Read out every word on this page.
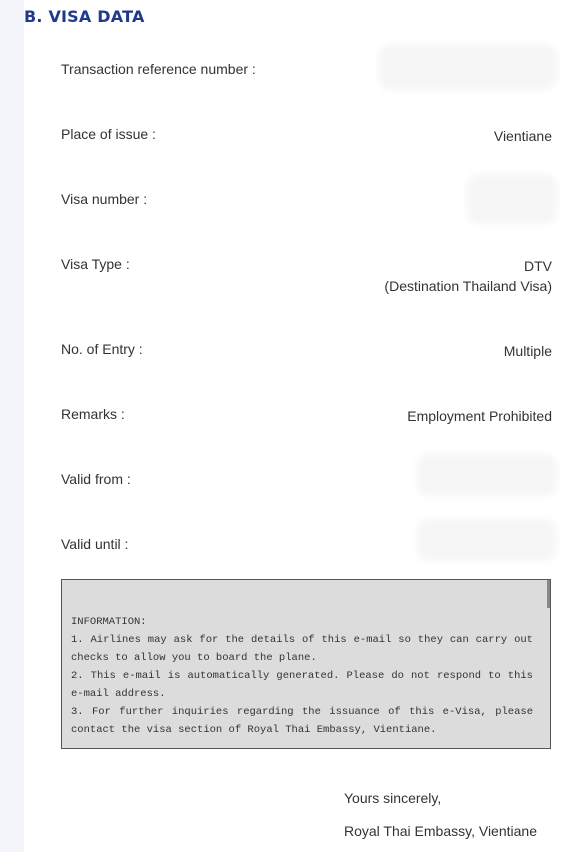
B. VISA DATA
Transaction reference number :
Place of issue :	Vientiane
Visa number :
Visa Type :	DTV
(Destination Thailand Visa)
No. of Entry :	Multiple
Remarks :	Employment Prohibited
Valid from :
Valid until :

INFORMATION:

1. Airlines may ask for the details of this e-mail so they can carry out checks to allow you to board the plane.
2. This e-mail is automatically generated. Please do not respond to this e-mail address.
3. For further inquiries regarding the issuance of this e-Visa, please contact the visa section of Royal Thai Embassy, Vientiane.
Yours sincerely,
Royal Thai Embassy, Vientiane
